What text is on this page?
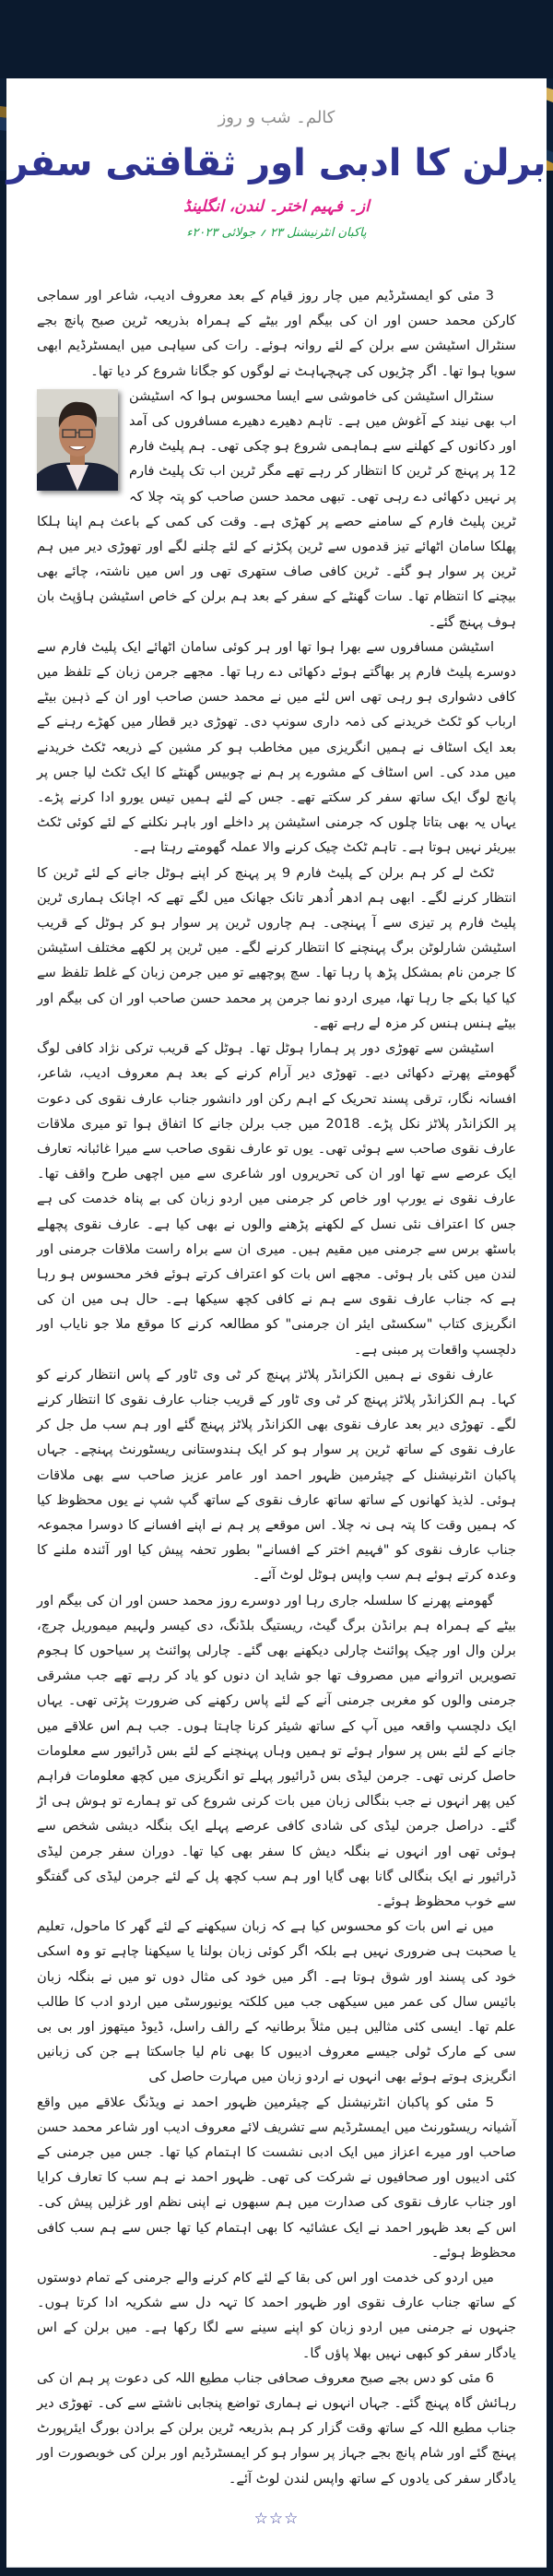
کالم۔ شب و روز
برلن کا ادبی اور ثقافتی سفر
از۔ فہیم اختر۔ لندن، انگلینڈ
پاکبان انٹرنیشنل ۲۳ ؍ جولائی ۲۰۲۳ء

3 مئی کو ایمسٹرڈیم میں چار روز قیام کے بعد معروف ادیب، شاعر اور سماجی کارکن محمد حسن اور ان کی بیگم اور بیٹے کے ہمراہ بذریعہ ٹرین صبح پانچ بجے سنٹرال اسٹیشن سے برلن کے لئے روانہ ہوئے۔ رات کی سیاہی میں ایمسٹرڈیم ابھی سویا ہوا تھا۔ اگر چڑیوں کی چہچہاہٹ نے لوگوں کو جگانا شروع کر دیا تھا۔

سنٹرال اسٹیشن کی خاموشی سے ایسا محسوس ہوا کہ اسٹیشن اب بھی نیند کے آغوش میں ہے۔ تاہم دھیرے دھیرے مسافروں کی آمد اور دکانوں کے کھلنے سے ہماہمی شروع ہو چکی تھی۔ ہم پلیٹ فارم 12 پر پہنچ کر ٹرین کا انتظار کر رہے تھے مگر ٹرین اب تک پلیٹ فارم پر نہیں دکھائی دے رہی تھی۔ تبھی محمد حسن صاحب کو پتہ چلا کہ ٹرین پلیٹ فارم کے سامنے حصے پر کھڑی ہے۔ وقت کی کمی کے باعث ہم اپنا ہلکا پھلکا سامان اٹھائے تیز قدموں سے ٹرین پکڑنے کے لئے چلنے لگے اور تھوڑی دیر میں ہم ٹرین پر سوار ہو گئے۔ ٹرین کافی صاف ستھری تھی ور اس میں ناشتہ، چائے بھی بیچنے کا انتظام تھا۔ سات گھنٹے کے سفر کے بعد ہم برلن کے خاص اسٹیشن ہاؤپٹ بان ہوف پہنچ گئے۔

اسٹیشن مسافروں سے بھرا ہوا تھا اور ہر کوئی سامان اٹھائے ایک پلیٹ فارم سے دوسرے پلیٹ فارم پر بھاگتے ہوئے دکھائی دے رہا تھا۔ مجھے جرمن زبان کے تلفظ میں کافی دشواری ہو رہی تھی اس لئے میں نے محمد حسن صاحب اور ان کے ذہین بیٹے ارباب کو ٹکٹ خریدنے کی ذمہ داری سونپ دی۔ تھوڑی دیر قطار میں کھڑے رہنے کے بعد ایک اسٹاف نے ہمیں انگریزی میں مخاطب ہو کر مشین کے ذریعہ ٹکٹ خریدنے میں مدد کی۔ اس اسٹاف کے مشورے پر ہم نے چوبیس گھنٹے کا ایک ٹکٹ لیا جس پر پانچ لوگ ایک ساتھ سفر کر سکتے تھے۔ جس کے لئے ہمیں تیس یورو ادا کرنے پڑے۔ یہاں یہ بھی بتاتا چلوں کہ جرمنی اسٹیشن پر داخلے اور باہر نکلنے کے لئے کوئی ٹکٹ بیریئر نہیں ہوتا ہے۔ تاہم ٹکٹ چیک کرنے والا عملہ گھومتے رہتا ہے۔

ٹکٹ لے کر ہم برلن کے پلیٹ فارم 9 پر پہنچ کر اپنے ہوٹل جانے کے لئے ٹرین کا انتظار کرنے لگے۔ ابھی ہم ادھر اُدھر تانک جھانک میں لگے تھے کہ اچانک ہماری ٹرین پلیٹ فارم پر تیزی سے آ پہنچی۔ ہم چاروں ٹرین پر سوار ہو کر ہوٹل کے قریب اسٹیشن شارلوٹن برگ پہنچنے کا انتظار کرنے لگے۔ میں ٹرین پر لکھے مختلف اسٹیشن کا جرمن نام بمشکل پڑھ پا رہا تھا۔ سچ پوچھیے تو میں جرمن زبان کے غلط تلفظ سے کیا کیا بکے جا رہا تھا، میری اردو نما جرمن پر محمد حسن صاحب اور ان کی بیگم اور بیٹے ہنس ہنس کر مزہ لے رہے تھے۔

اسٹیشن سے تھوڑی دور پر ہمارا ہوٹل تھا۔ ہوٹل کے قریب ترکی نژاد کافی لوگ گھومتے پھرتے دکھائی دیے۔ تھوڑی دیر آرام کرنے کے بعد ہم معروف ادیب، شاعر، افسانہ نگار، ترقی پسند تحریک کے اہم رکن اور دانشور جناب عارف نقوی کی دعوت پر الکزانڈر پلاٹز نکل پڑے۔ 2018 میں جب برلن جانے کا اتفاق ہوا تو میری ملاقات عارف نقوی صاحب سے ہوئی تھی۔ یوں تو عارف نقوی صاحب سے میرا غائبانہ تعارف ایک عرصے سے تھا اور ان کی تحریروں اور شاعری سے میں اچھی طرح واقف تھا۔ عارف نقوی نے یورپ اور خاص کر جرمنی میں اردو زبان کی بے پناہ خدمت کی ہے جس کا اعتراف نئی نسل کے لکھنے پڑھنے والوں نے بھی کیا ہے۔ عارف نقوی پچھلے باسٹھ برس سے جرمنی میں مقیم ہیں۔ میری ان سے براہ راست ملاقات جرمنی اور لندن میں کئی بار ہوئی۔ مجھے اس بات کو اعتراف کرتے ہوئے فخر محسوس ہو رہا ہے کہ جناب عارف نقوی سے ہم نے کافی کچھ سیکھا ہے۔ حال ہی میں ان کی انگریزی کتاب "سکسٹی ایئر ان جرمنی" کو مطالعہ کرنے کا موقع ملا جو نایاب اور دلچسپ واقعات پر مبنی ہے۔

عارف نقوی نے ہمیں الکزانڈر پلاٹز پہنچ کر ٹی وی ٹاور کے پاس انتظار کرنے کو کہا۔ ہم الکزانڈر پلاٹز پہنچ کر ٹی وی ٹاور کے قریب جناب عارف نقوی کا انتظار کرنے لگے۔ تھوڑی دیر بعد عارف نقوی بھی الکزانڈر پلاٹز پہنچ گئے اور ہم سب مل جل کر عارف نقوی کے ساتھ ٹرین پر سوار ہو کر ایک ہندوستانی ریسٹورنٹ پہنچے۔ جہاں پاکبان انٹرنیشنل کے چیئرمین ظہور احمد اور عامر عزیز صاحب سے بھی ملاقات ہوئی۔ لذیذ کھانوں کے ساتھ ساتھ عارف نقوی کے ساتھ گپ شپ نے یوں محظوظ کیا کہ ہمیں وقت کا پتہ ہی نہ چلا۔ اس موقعے پر ہم نے اپنے افسانے کا دوسرا مجموعہ جناب عارف نقوی کو "فہیم اختر کے افسانے" بطور تحفہ پیش کیا اور آئندہ ملنے کا وعدہ کرتے ہوئے ہم سب واپس ہوٹل لوٹ آئے۔

گھومنے پھرنے کا سلسلہ جاری رہا اور دوسرے روز محمد حسن اور ان کی بیگم اور بیٹے کے ہمراہ ہم برانڈن برگ گیٹ، ریستیگ بلڈنگ، دی کیسر ولہیم میموریل چرچ، برلن وال اور چیک پوائنٹ چارلی دیکھنے بھی گئے۔ چارلی پوائنٹ پر سیاحوں کا ہجوم تصویریں اتروانے میں مصروف تھا جو شاید ان دنوں کو یاد کر رہے تھے جب مشرقی جرمنی والوں کو مغربی جرمنی آنے کے لئے پاس رکھنے کی ضرورت پڑتی تھی۔ یہاں ایک دلچسپ واقعہ میں آپ کے ساتھ شیئر کرنا چاہتا ہوں۔ جب ہم اس علاقے میں جانے کے لئے بس پر سوار ہوئے تو ہمیں وہاں پہنچنے کے لئے بس ڈرائیور سے معلومات حاصل کرنی تھی۔ جرمن لیڈی بس ڈرائیور پہلے تو انگریزی میں کچھ معلومات فراہم کیں پھر انہوں نے جب بنگالی زبان میں بات کرنی شروع کی تو ہمارے تو ہوش ہی اڑ گئے۔ دراصل جرمن لیڈی کی شادی کافی عرصے پہلے ایک بنگلہ دیشی شخص سے ہوئی تھی اور انہوں نے بنگلہ دیش کا سفر بھی کیا تھا۔ دوران سفر جرمن لیڈی ڈرائیور نے ایک بنگالی گانا بھی گایا اور ہم سب کچھ پل کے لئے جرمن لیڈی کی گفتگو سے خوب محظوظ ہوئے۔

میں نے اس بات کو محسوس کیا ہے کہ زبان سیکھنے کے لئے گھر کا ماحول، تعلیم یا صحبت ہی ضروری نہیں ہے بلکہ اگر کوئی زبان بولنا یا سیکھنا چاہے تو وہ اسکی خود کی پسند اور شوق ہوتا ہے۔ اگر میں خود کی مثال دوں تو میں نے بنگلہ زبان بائیس سال کی عمر میں سیکھی جب میں کلکتہ یونیورسٹی میں اردو ادب کا طالب علم تھا۔ ایسی کئی مثالیں ہیں مثلاً برطانیہ کے رالف راسل، ڈیوڈ میتھوز اور بی بی سی کے مارک ٹولی جیسے معروف ادیبوں کا بھی نام لیا جاسکتا ہے جن کی زبانیں انگریزی ہوتے ہوئے بھی انہوں نے اردو زبان میں مہارت حاصل کی

5 مئی کو پاکبان انٹرنیشنل کے چیئرمین ظہور احمد نے ویڈنگ علاقے میں واقع آشیانہ ریسٹورنٹ میں ایمسٹرڈیم سے تشریف لائے معروف ادیب اور شاعر محمد حسن صاحب اور میرے اعزاز میں ایک ادبی نشست کا اہتمام کیا تھا۔ جس میں جرمنی کے کئی ادیبوں اور صحافیوں نے شرکت کی تھی۔ ظہور احمد نے ہم سب کا تعارف کرایا اور جناب عارف نقوی کی صدارت میں ہم سبھوں نے اپنی نظم اور غزلیں پیش کی۔ اس کے بعد ظہور احمد نے ایک عشائیہ کا بھی اہتمام کیا تھا جس سے ہم سب کافی محظوظ ہوئے۔

میں اردو کی خدمت اور اس کی بقا کے لئے کام کرنے والے جرمنی کے تمام دوستوں کے ساتھ جناب عارف نقوی اور ظہور احمد کا تہہ دل سے شکریہ ادا کرتا ہوں۔ جنہوں نے جرمنی میں اردو زبان کو اپنے سینے سے لگا رکھا ہے۔ میں برلن کے اس یادگار سفر کو کبھی نہیں بھلا پاؤں گا۔

6 مئی کو دس بجے صبح معروف صحافی جناب مطیع اللہ کی دعوت پر ہم ان کی رہائش گاہ پہنچ گئے۔ جہاں انہوں نے ہماری تواضع پنجابی ناشتے سے کی۔ تھوڑی دیر جناب مطیع اللہ کے ساتھ وقت گزار کر ہم بذریعہ ٹرین برلن کے برادن بورگ ایئرپورٹ پہنچ گئے اور شام پانچ بجے جہاز پر سوار ہو کر ایمسٹرڈیم اور برلن کی خوبصورت اور یادگار سفر کی یادوں کے ساتھ واپس لندن لوٹ آئے۔

☆☆☆
